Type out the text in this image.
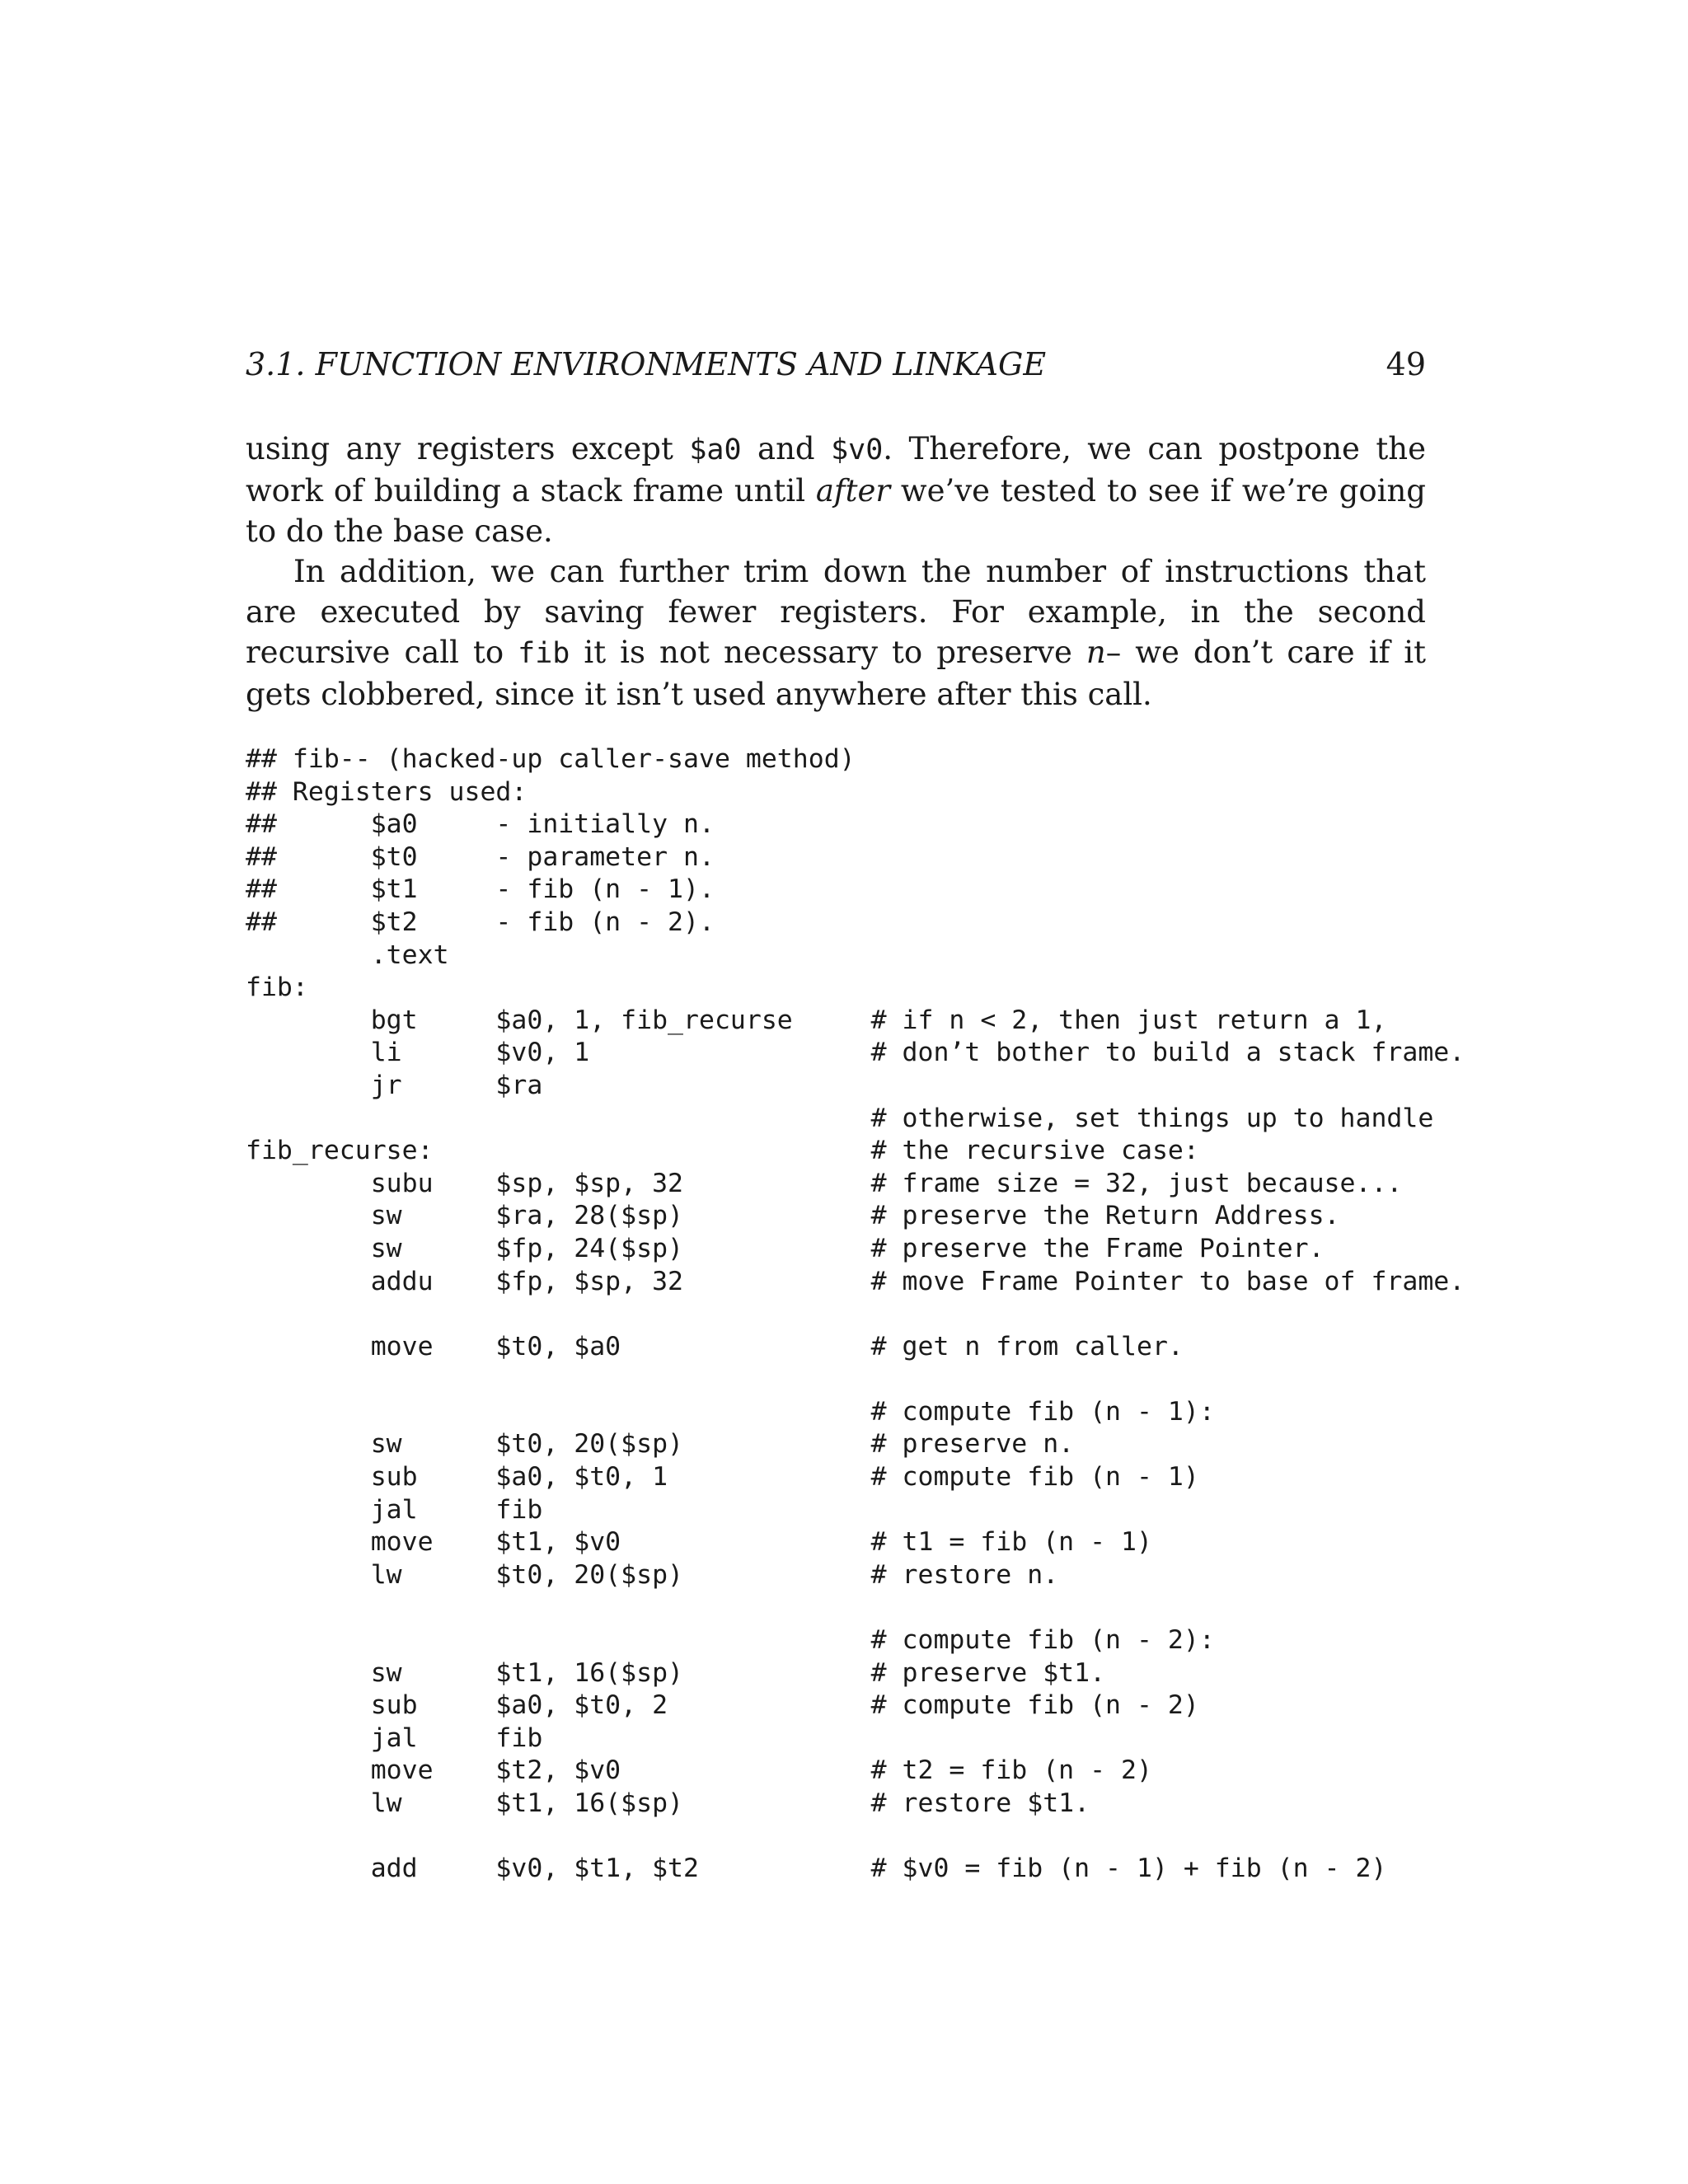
3.1. FUNCTION ENVIRONMENTS AND LINKAGE	49

using any registers except $a0 and $v0. Therefore, we can postpone the work of building a stack frame until after we’ve tested to see if we’re going to do the base case.

In addition, we can further trim down the number of instructions that are executed by saving fewer registers. For example, in the second recursive call to fib it is not necessary to preserve n– we don’t care if it gets clobbered, since it isn’t used anywhere after this call.

## fib-- (hacked-up caller-save method)
## Registers used:
##      $a0     - initially n.
##      $t0     - parameter n.
##      $t1     - fib (n - 1).
##      $t2     - fib (n - 2).
.text
fib:
bgt     $a0, 1, fib_recurse     # if n < 2, then just return a 1,
li      $v0, 1                  # don’t bother to build a stack frame.
jr      $ra
# otherwise, set things up to handle
fib_recurse:                            # the recursive case:
subu    $sp, $sp, 32            # frame size = 32, just because...
sw      $ra, 28($sp)            # preserve the Return Address.
sw      $fp, 24($sp)            # preserve the Frame Pointer.
addu    $fp, $sp, 32            # move Frame Pointer to base of frame.
move    $t0, $a0                # get n from caller.
# compute fib (n - 1):
sw      $t0, 20($sp)            # preserve n.
sub     $a0, $t0, 1             # compute fib (n - 1)
jal     fib
move    $t1, $v0                # t1 = fib (n - 1)
lw      $t0, 20($sp)            # restore n.
# compute fib (n - 2):
sw      $t1, 16($sp)            # preserve $t1.
sub     $a0, $t0, 2             # compute fib (n - 2)
jal     fib
move    $t2, $v0                # t2 = fib (n - 2)
lw      $t1, 16($sp)            # restore $t1.
add     $v0, $t1, $t2           # $v0 = fib (n - 1) + fib (n - 2)
